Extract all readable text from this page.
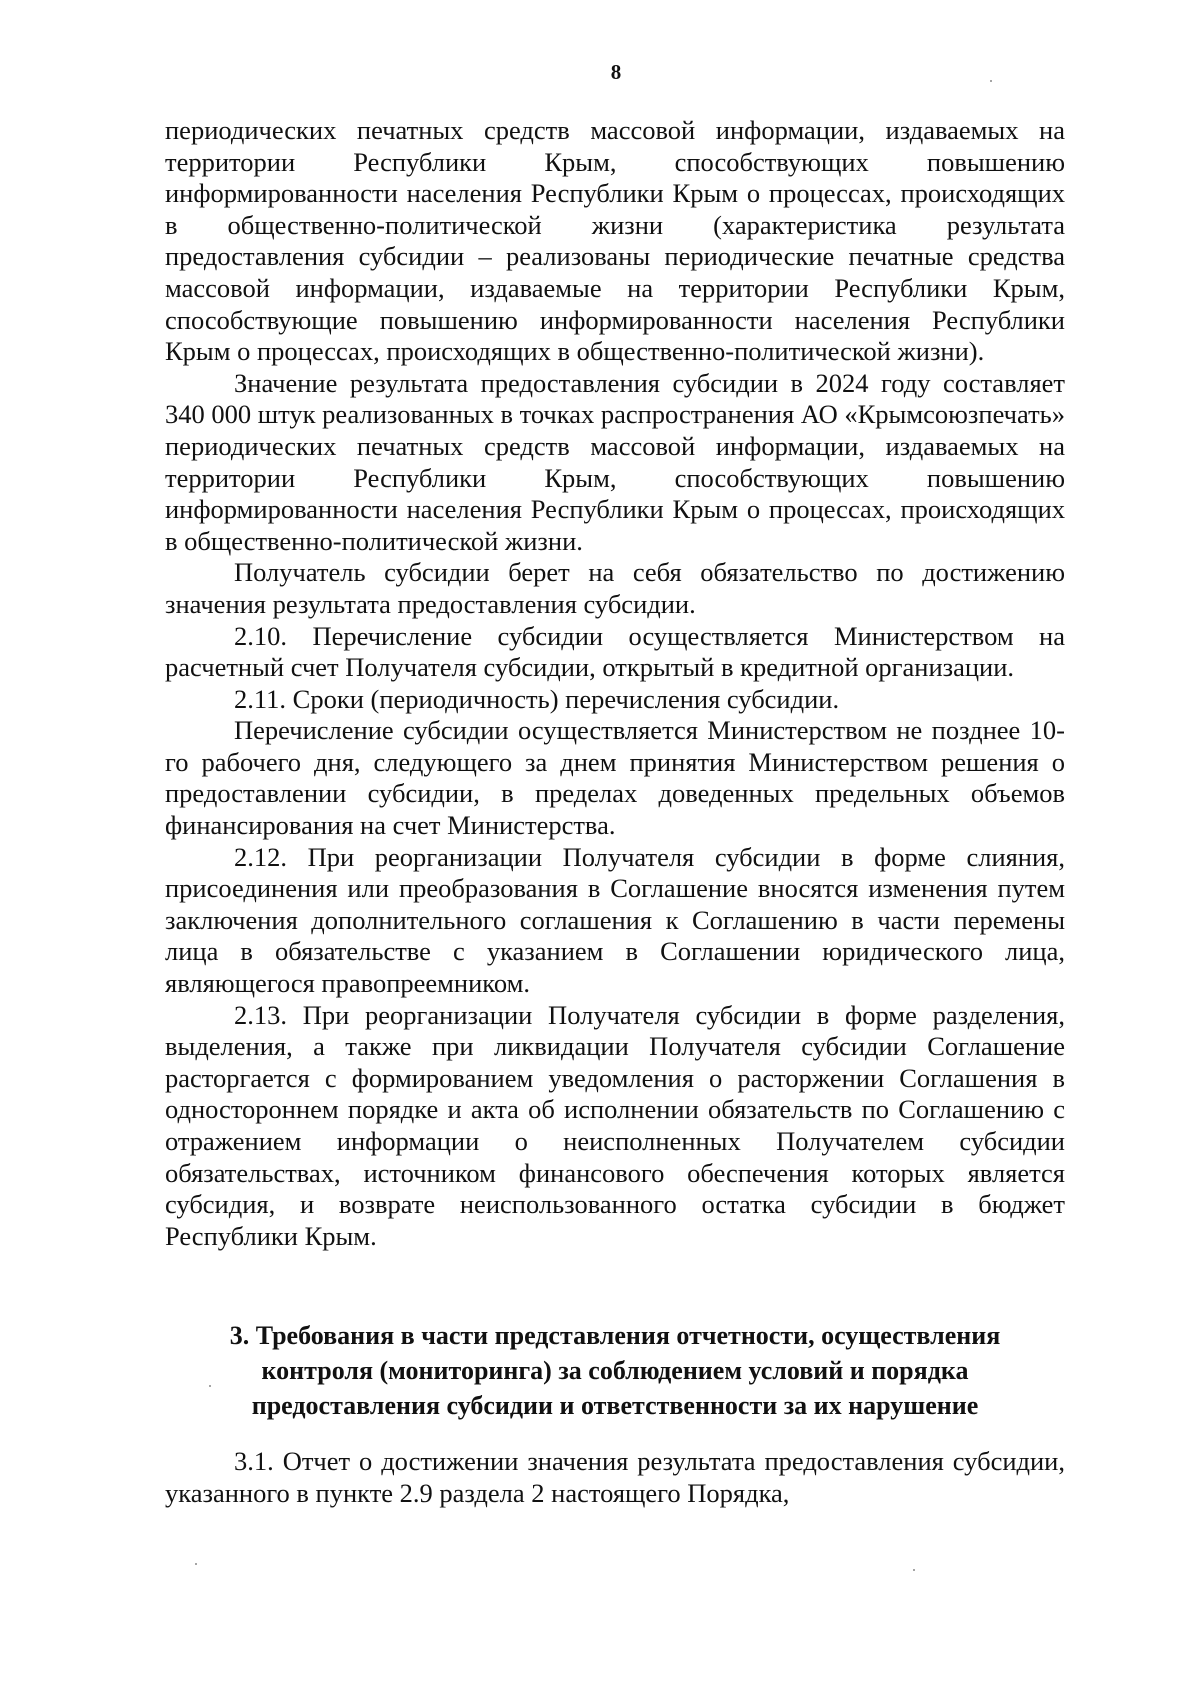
8

периодических печатных средств массовой информации, издаваемых на территории Республики Крым, способствующих повышению информированности населения Республики Крым о процессах, происходящих в общественно-политической жизни (характеристика результата предоставления субсидии – реализованы периодические печатные средства массовой информации, издаваемые на территории Республики Крым, способствующие повышению информированности населения Республики Крым о процессах, происходящих в общественно-политической жизни).

Значение результата предоставления субсидии в 2024 году составляет 340 000 штук реализованных в точках распространения АО «Крымсоюзпечать» периодических печатных средств массовой информации, издаваемых на территории Республики Крым, способствующих повышению информированности населения Республики Крым о процессах, происходящих в общественно-политической жизни.

Получатель субсидии берет на себя обязательство по достижению значения результата предоставления субсидии.

2.10. Перечисление субсидии осуществляется Министерством на расчетный счет Получателя субсидии, открытый в кредитной организации.

2.11. Сроки (периодичность) перечисления субсидии.

Перечисление субсидии осуществляется Министерством не позднее 10-го рабочего дня, следующего за днем принятия Министерством решения о предоставлении субсидии, в пределах доведенных предельных объемов финансирования на счет Министерства.

2.12. При реорганизации Получателя субсидии в форме слияния, присоединения или преобразования в Соглашение вносятся изменения путем заключения дополнительного соглашения к Соглашению в части перемены лица в обязательстве с указанием в Соглашении юридического лица, являющегося правопреемником.

2.13. При реорганизации Получателя субсидии в форме разделения, выделения, а также при ликвидации Получателя субсидии Соглашение расторгается с формированием уведомления о расторжении Соглашения в одностороннем порядке и акта об исполнении обязательств по Соглашению с отражением информации о неисполненных Получателем субсидии обязательствах, источником финансового обеспечения которых является субсидия, и возврате неиспользованного остатка субсидии в бюджет Республики Крым.

3. Требования в части представления отчетности, осуществления
контроля (мониторинга) за соблюдением условий и порядка
предоставления субсидии и ответственности за их нарушение

3.1. Отчет о достижении значения результата предоставления субсидии, указанного в пункте 2.9 раздела 2 настоящего Порядка,
